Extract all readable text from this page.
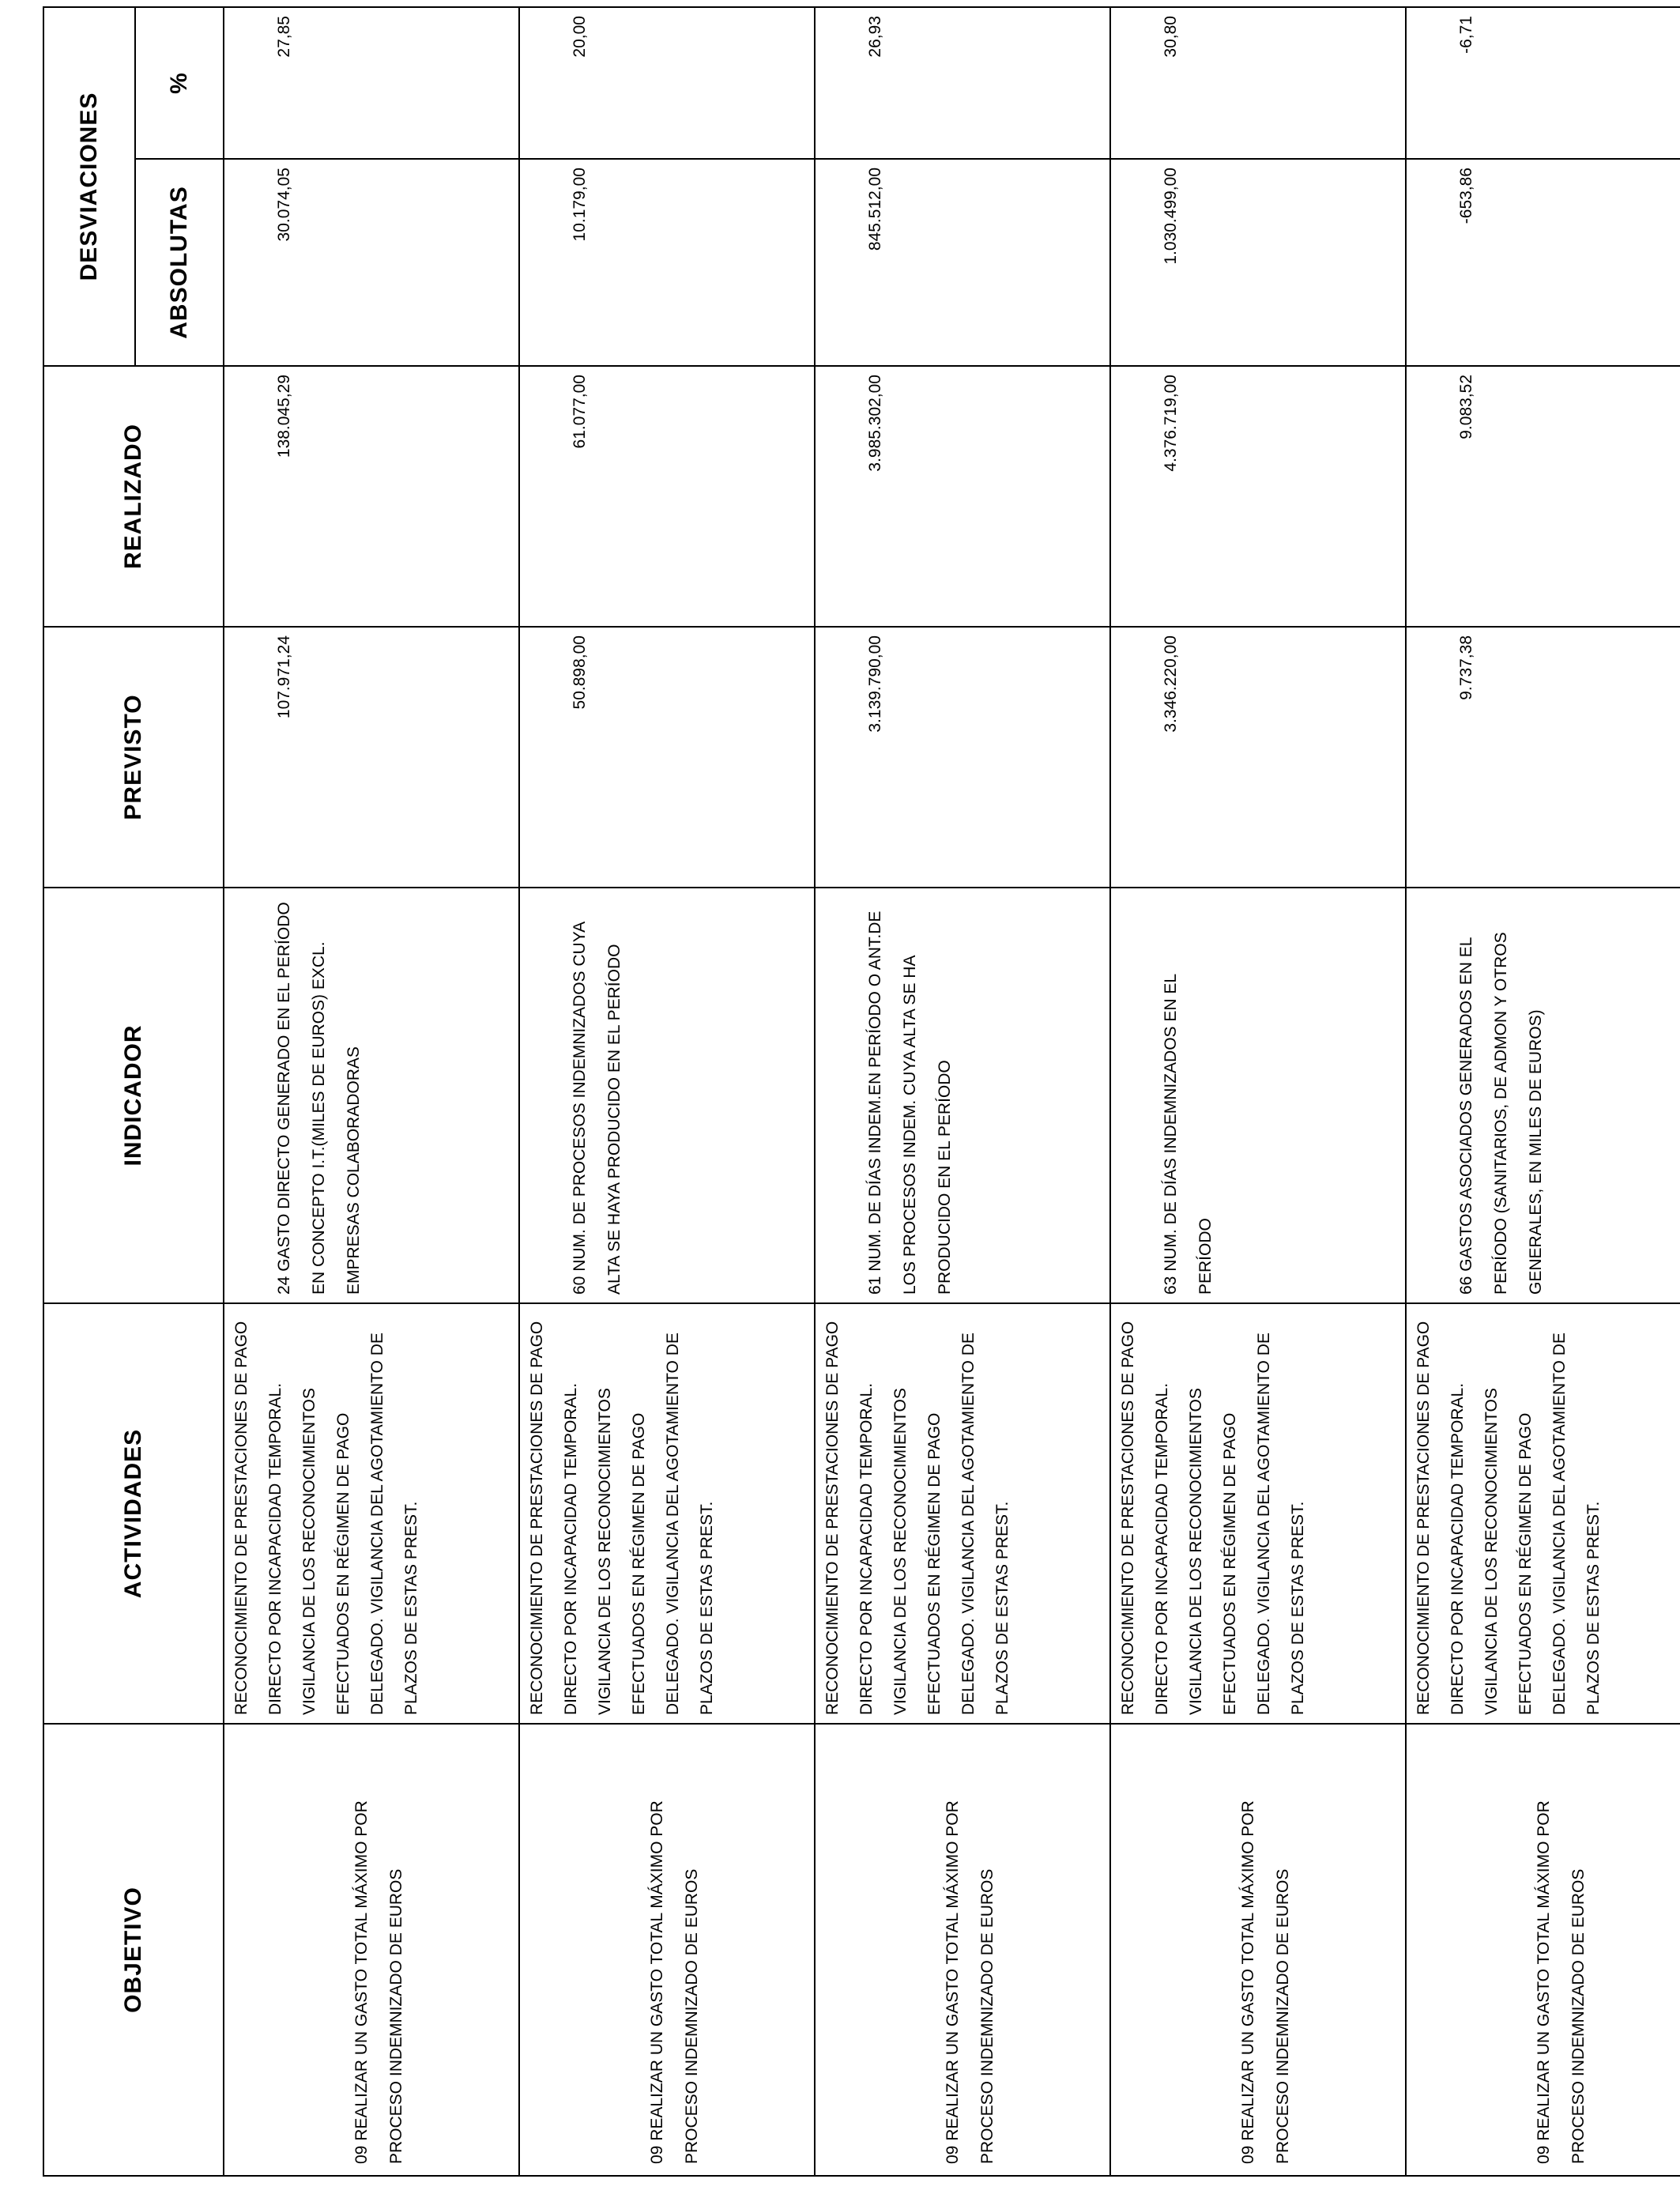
OBJETIVO	ACTIVIDADES	INDICADOR	PREVISTO	REALIZADO	DESVIACIONES	
					ABSOLUTAS	%

09 REALIZAR UN GASTO TOTAL MÁXIMO POR PROCESO INDEMNIZADO DE EUROS	RECONOCIMIENTO DE PRESTACIONES DE PAGO DIRECTO POR INCAPACIDAD TEMPORAL. VIGILANCIA DE LOS RECONOCIMIENTOS EFECTUADOS EN RÉGIMEN DE PAGO DELEGADO. VIGILANCIA DEL AGOTAMIENTO DE PLAZOS DE ESTAS PREST.	24 GASTO DIRECTO GENERADO EN EL PERÍODO EN CONCEPTO I.T.(MILES DE EUROS) EXCL. EMPRESAS COLABORADORAS	107.971,24	138.045,29	30.074,05	27,85

09 REALIZAR UN GASTO TOTAL MÁXIMO POR PROCESO INDEMNIZADO DE EUROS	RECONOCIMIENTO DE PRESTACIONES DE PAGO DIRECTO POR INCAPACIDAD TEMPORAL. VIGILANCIA DE LOS RECONOCIMIENTOS EFECTUADOS EN RÉGIMEN DE PAGO DELEGADO. VIGILANCIA DEL AGOTAMIENTO DE PLAZOS DE ESTAS PREST.	60 NUM. DE PROCESOS INDEMNIZADOS CUYA ALTA SE HAYA PRODUCIDO EN EL PERÍODO	50.898,00	61.077,00	10.179,00	20,00

09 REALIZAR UN GASTO TOTAL MÁXIMO POR PROCESO INDEMNIZADO DE EUROS	RECONOCIMIENTO DE PRESTACIONES DE PAGO DIRECTO POR INCAPACIDAD TEMPORAL. VIGILANCIA DE LOS RECONOCIMIENTOS EFECTUADOS EN RÉGIMEN DE PAGO DELEGADO. VIGILANCIA DEL AGOTAMIENTO DE PLAZOS DE ESTAS PREST.	61 NUM. DE DÍAS INDEM.EN PERÍODO O ANT.DE LOS PROCESOS INDEM. CUYA ALTA SE HA PRODUCIDO EN EL PERÍODO	3.139.790,00	3.985.302,00	845.512,00	26,93

09 REALIZAR UN GASTO TOTAL MÁXIMO POR PROCESO INDEMNIZADO DE EUROS	RECONOCIMIENTO DE PRESTACIONES DE PAGO DIRECTO POR INCAPACIDAD TEMPORAL. VIGILANCIA DE LOS RECONOCIMIENTOS EFECTUADOS EN RÉGIMEN DE PAGO DELEGADO. VIGILANCIA DEL AGOTAMIENTO DE PLAZOS DE ESTAS PREST.	63 NUM. DE DÍAS INDEMNIZADOS EN EL PERÍODO	3.346.220,00	4.376.719,00	1.030.499,00	30,80

09 REALIZAR UN GASTO TOTAL MÁXIMO POR PROCESO INDEMNIZADO DE EUROS	RECONOCIMIENTO DE PRESTACIONES DE PAGO DIRECTO POR INCAPACIDAD TEMPORAL. VIGILANCIA DE LOS RECONOCIMIENTOS EFECTUADOS EN RÉGIMEN DE PAGO DELEGADO. VIGILANCIA DEL AGOTAMIENTO DE PLAZOS DE ESTAS PREST.	66 GASTOS ASOCIADOS GENERADOS EN EL PERÍODO (SANITARIOS, DE ADMON Y OTROS GENERALES, EN MILES DE EUROS)	9.737,38	9.083,52	-653,86	-6,71
